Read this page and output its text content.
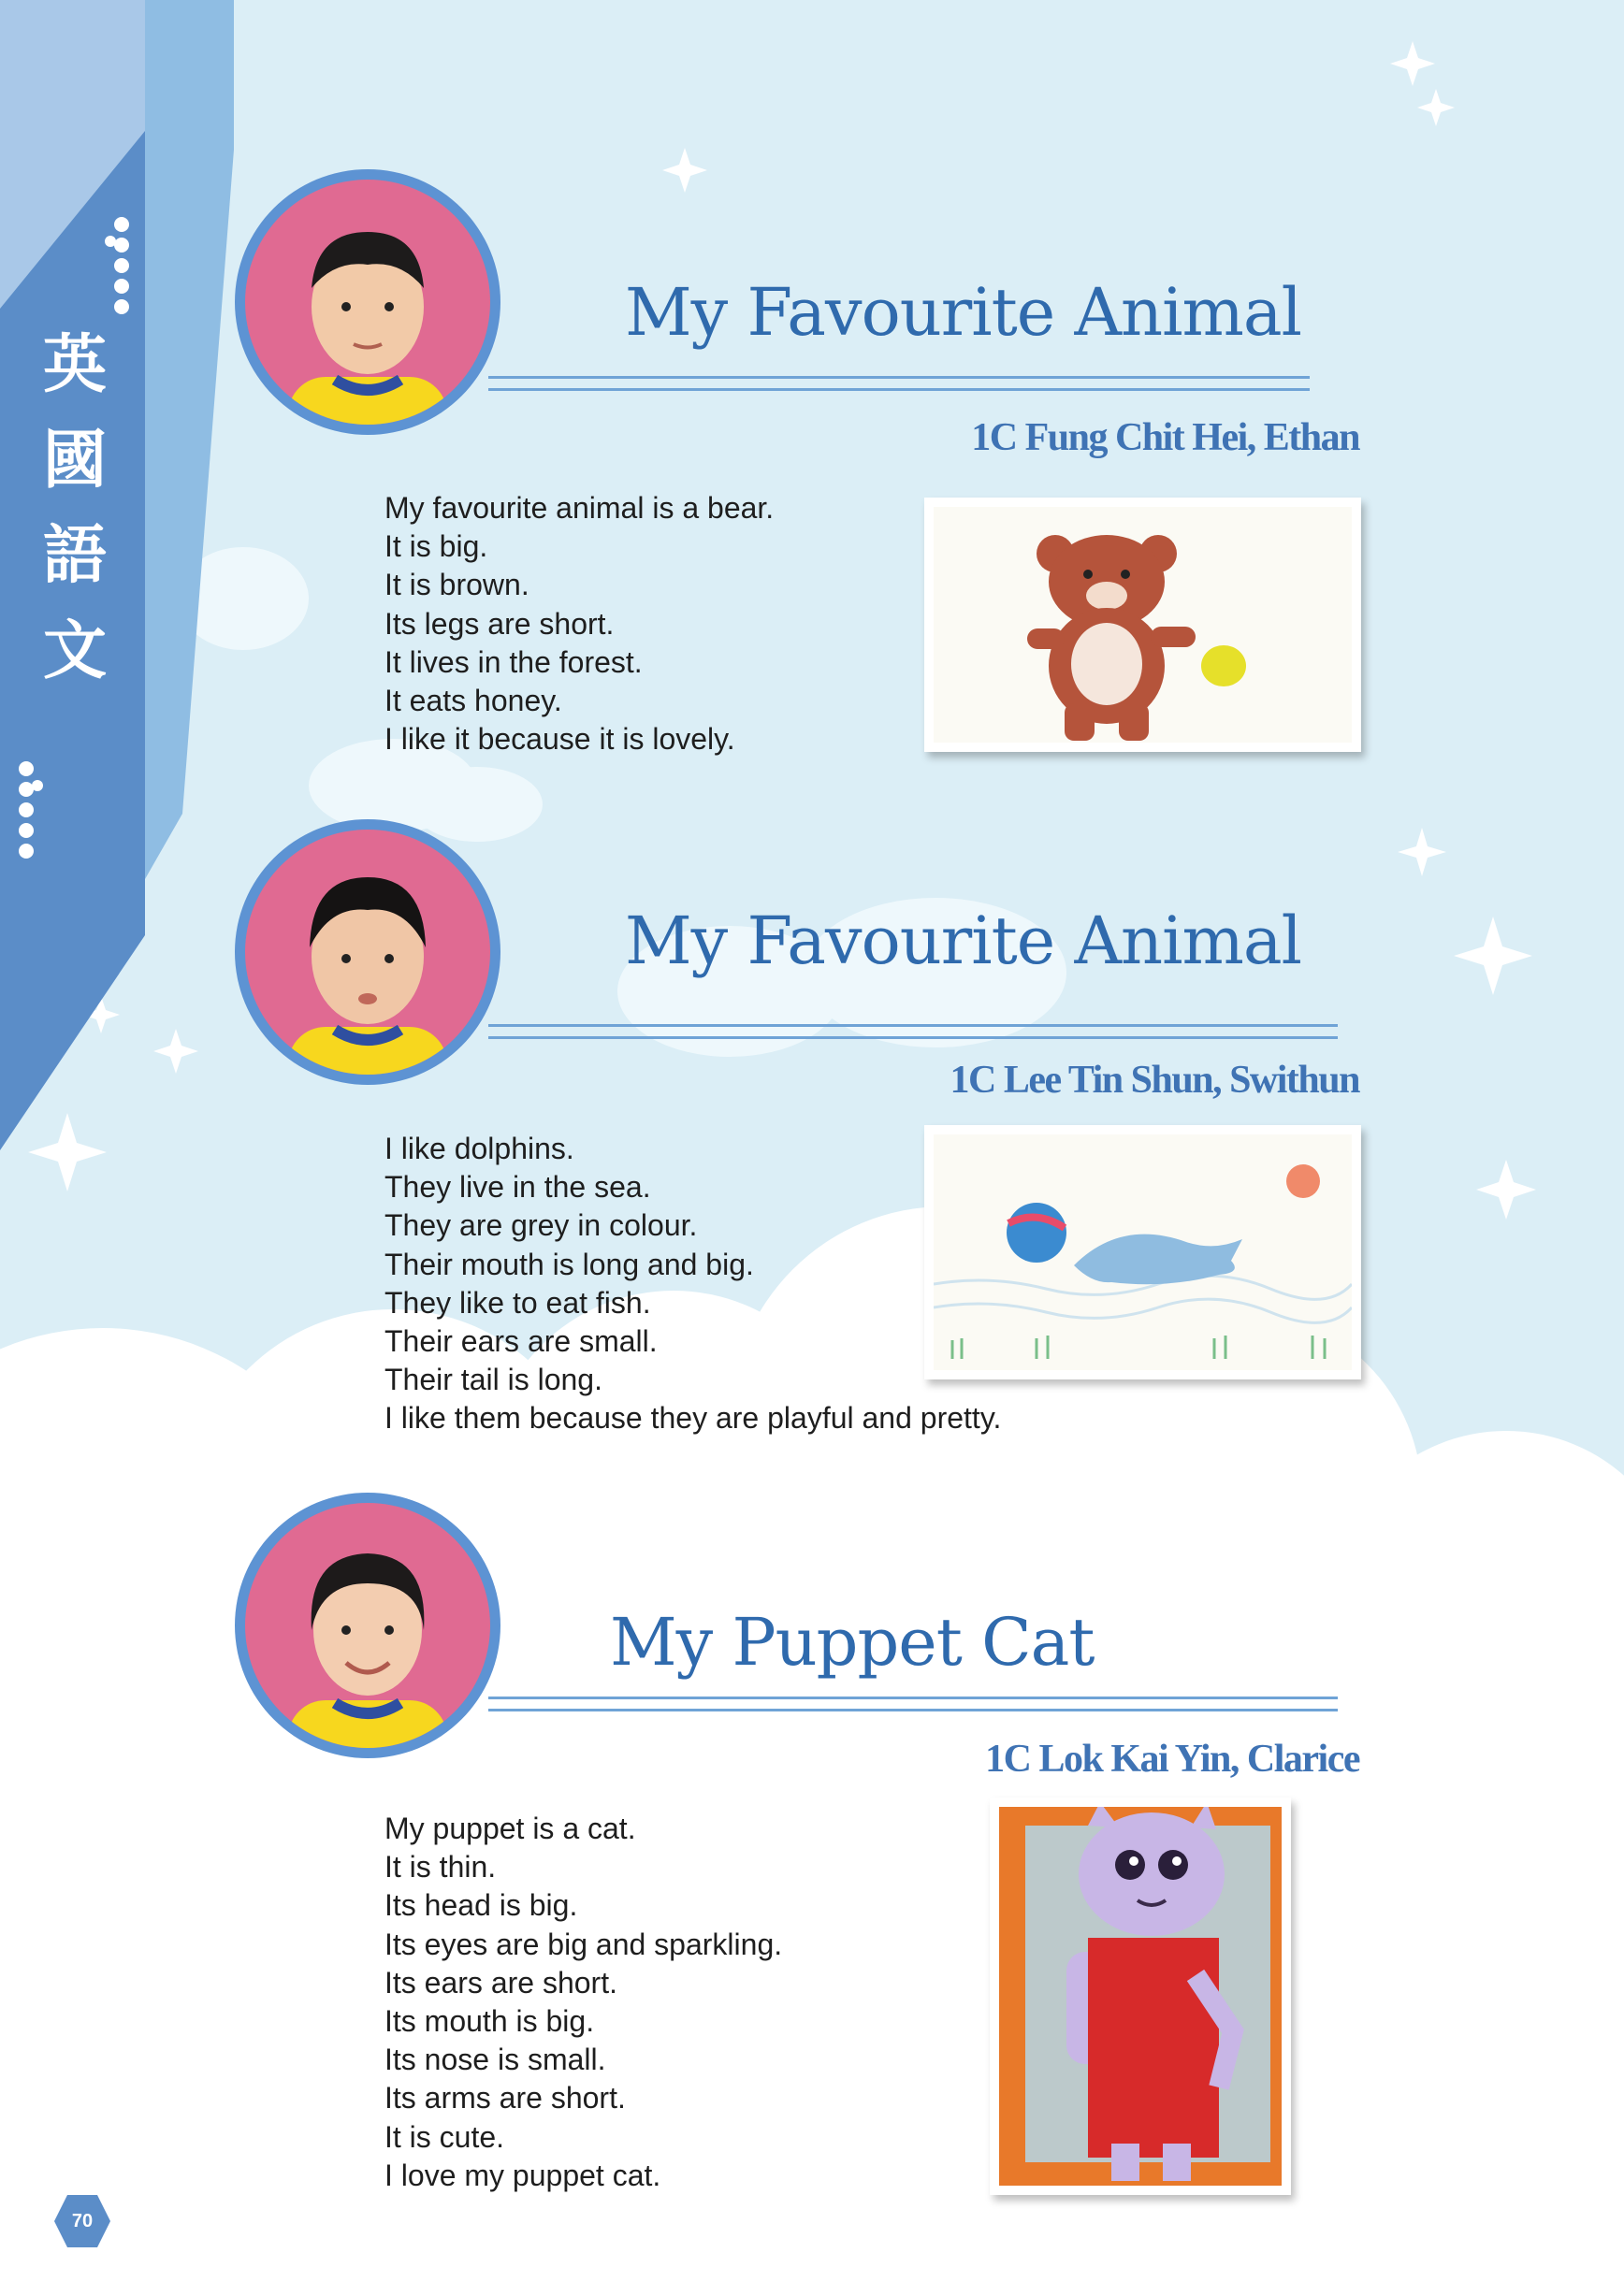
英
國
語
文
My Favourite Animal
1C Fung Chit Hei, Ethan
My favourite animal is a bear.
It is big.
It is brown.
Its legs are short.
It lives in the forest.
It eats honey.
I like it because it is lovely.
My Favourite Animal
1C Lee Tin Shun, Swithun
I like dolphins.
They live in the sea.
They are grey in colour.
Their mouth is long and big.
They like to eat fish.
Their ears are small.
Their tail is long.
I like them because they are playful and pretty.
My Puppet Cat
1C Lok Kai Yin, Clarice
My puppet is a cat.
It is thin.
Its head is big.
Its eyes are big and sparkling.
Its ears are short.
Its mouth is big.
Its nose is small.
Its arms are short.
It is cute.
I love my puppet cat.
70
